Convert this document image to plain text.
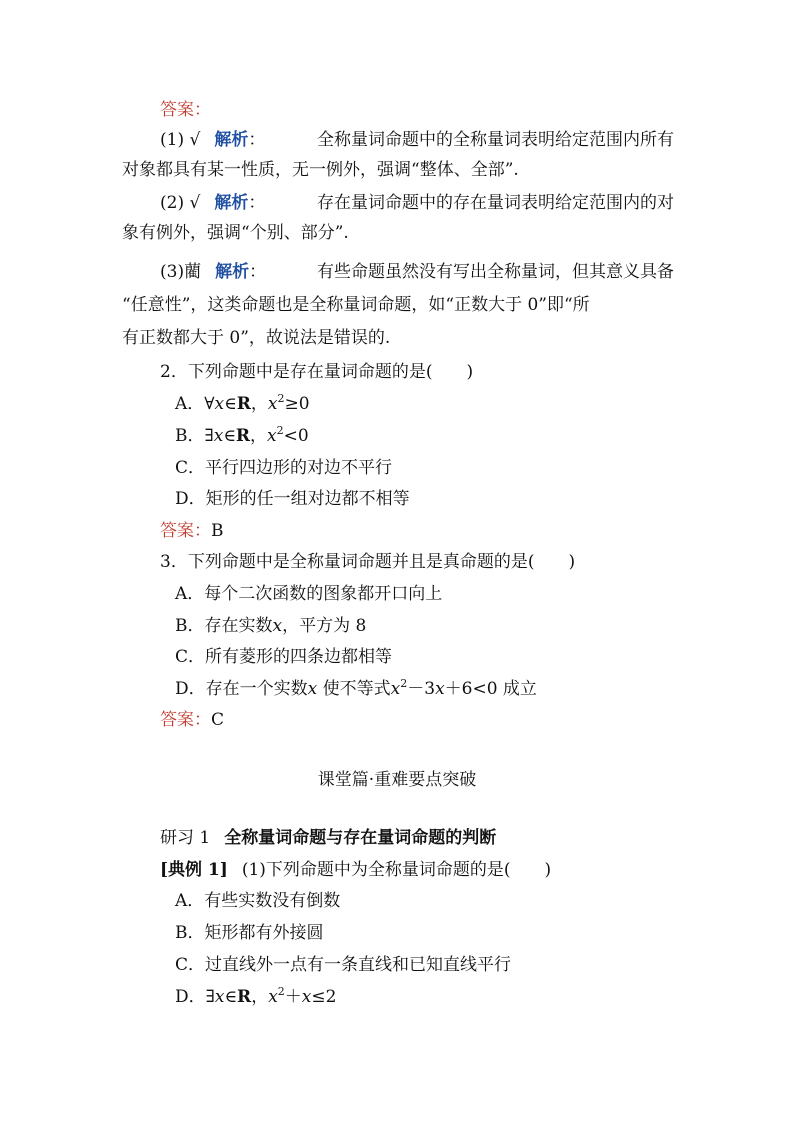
答案：
(1) √ 解析：	全称量词命题中的全称量词表明给定范围内所有
对象都具有某一性质，无一例外，强调“整体、全部”.
(2) √ 解析：	存在量词命题中的存在量词表明给定范围内的对
象有例外，强调“个别、部分”.
(3)藺 解析：	有些命题虽然没有写出全称量词，但其意义具备
“任意性”，这类命题也是全称量词命题，如“正数大于 0”即“所
有正数都大于 0”，故说法是错误的.
2．下列命题中是存在量词命题的是(　　)
A．∀x∈R，$x^2\ge 0$
B．∃x∈R，$x^2<0$
C．平行四边形的对边不平行
D．矩形的任一组对边都不相等
答案：B
3．下列命题中是全称量词命题并且是真命题的是(　　)
A．每个二次函数的图象都开口向上
B．存在实数x，平方为 8
C．所有菱形的四条边都相等
D．存在一个实数x 使不等式$x^2-3x+6<0$ 成立
答案：C
课堂篇·重难要点突破
研习 1 全称量词命题与存在量词命题的判断
[典例 1] (1)下列命题中为全称量词命题的是(　　)
A．有些实数没有倒数
B．矩形都有外接圆
C．过直线外一点有一条直线和已知直线平行
D．∃x∈R，$x^2+x\le 2$
